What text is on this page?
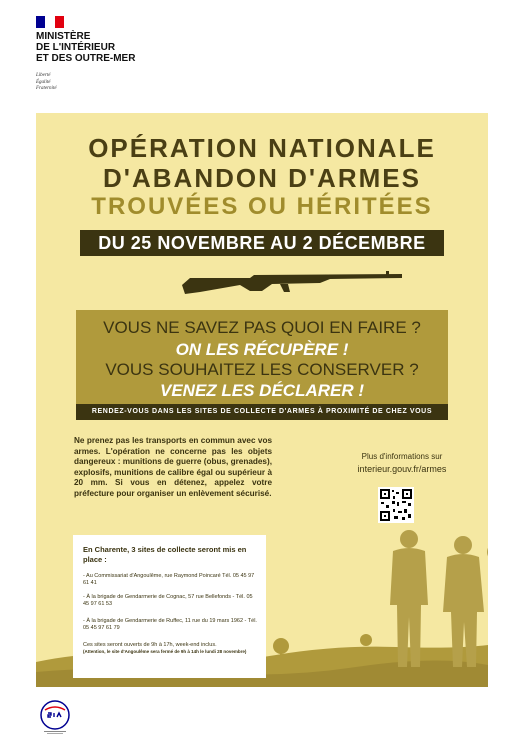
MINISTÈRE
DE L'INTÉRIEUR
ET DES OUTRE-MER
Liberté
Égalité
Fraternité
OPÉRATION NATIONALE
D'ABANDON D'ARMES
TROUVÉES OU HÉRITÉES
DU 25 NOVEMBRE AU 2 DÉCEMBRE
VOUS NE SAVEZ PAS QUOI EN FAIRE ?
ON LES RÉCUPÈRE !
VOUS SOUHAITEZ LES CONSERVER ?
VENEZ LES DÉCLARER !
RENDEZ-VOUS DANS LES SITES DE COLLECTE D'ARMES À PROXIMITÉ DE CHEZ VOUS
Ne prenez pas les transports en commun avec vos armes. L'opération ne concerne pas les objets dangereux : munitions de guerre (obus, grenades), explosifs, munitions de calibre égal ou supérieur à 20 mm. Si vous en détenez, appelez votre préfecture pour organiser un enlèvement sécurisé.
En Charente, 3 sites de collecte seront mis en place :
- Au Commissariat d'Angoulême, rue Raymond Poincaré Tél. 05 45 97 61 41
- À la brigade de Gendarmerie de Cognac, 57 rue Bellefonds - Tél. 05 45 97 61 53
- À la brigade de Gendarmerie de Ruffec, 11 rue du 19 mars 1962 - Tél. 05 45 97 61 79
Ces sites seront ouverts de 9h à 17h, week-end inclus.
(Attention, le site d'Angoulême sera fermé de 9h à 14h le lundi 28 novembre)
Plus d'informations sur
interieur.gouv.fr/armes
